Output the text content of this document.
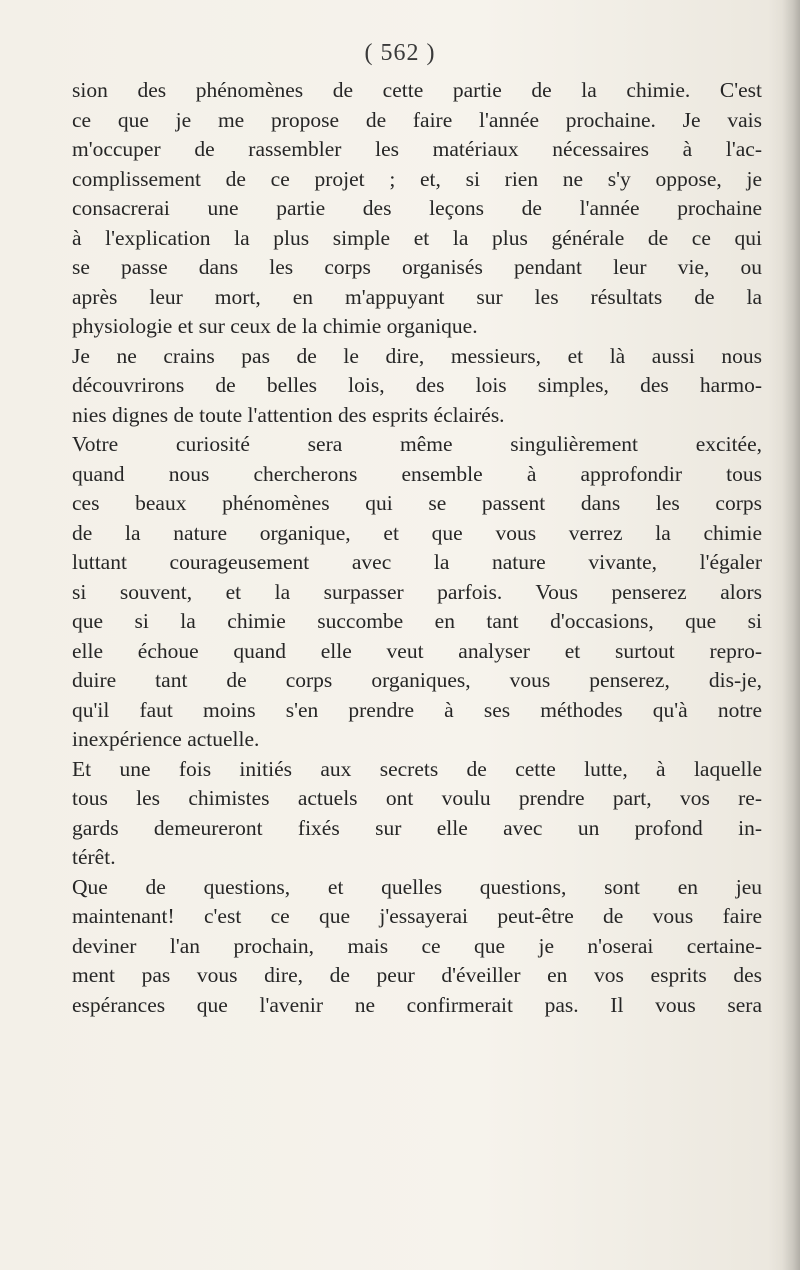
( 562 )
sion des phénomènes de cette partie de la chimie. C'est
ce que je me propose de faire l'année prochaine. Je vais
m'occuper de rassembler les matériaux nécessaires à l'ac-
complissement de ce projet ; et, si rien ne s'y oppose, je
consacrerai une partie des leçons de l'année prochaine
à l'explication la plus simple et la plus générale de ce qui
se passe dans les corps organisés pendant leur vie, ou
après leur mort, en m'appuyant sur les résultats de la
physiologie et sur ceux de la chimie organique.
Je ne crains pas de le dire, messieurs, et là aussi nous
découvrirons de belles lois, des lois simples, des harmo-
nies dignes de toute l'attention des esprits éclairés.
Votre curiosité sera même singulièrement excitée,
quand nous chercherons ensemble à approfondir tous
ces beaux phénomènes qui se passent dans les corps
de la nature organique, et que vous verrez la chimie
luttant courageusement avec la nature vivante, l'égaler
si souvent, et la surpasser parfois. Vous penserez alors
que si la chimie succombe en tant d'occasions, que si
elle échoue quand elle veut analyser et surtout repro-
duire tant de corps organiques, vous penserez, dis-je,
qu'il faut moins s'en prendre à ses méthodes qu'à notre
inexpérience actuelle.
Et une fois initiés aux secrets de cette lutte, à laquelle
tous les chimistes actuels ont voulu prendre part, vos re-
gards demeureront fixés sur elle avec un profond in-
térêt.
Que de questions, et quelles questions, sont en jeu
maintenant! c'est ce que j'essayerai peut-être de vous faire
deviner l'an prochain, mais ce que je n'oserai certaine-
ment pas vous dire, de peur d'éveiller en vos esprits des
espérances que l'avenir ne confirmerait pas. Il vous sera
